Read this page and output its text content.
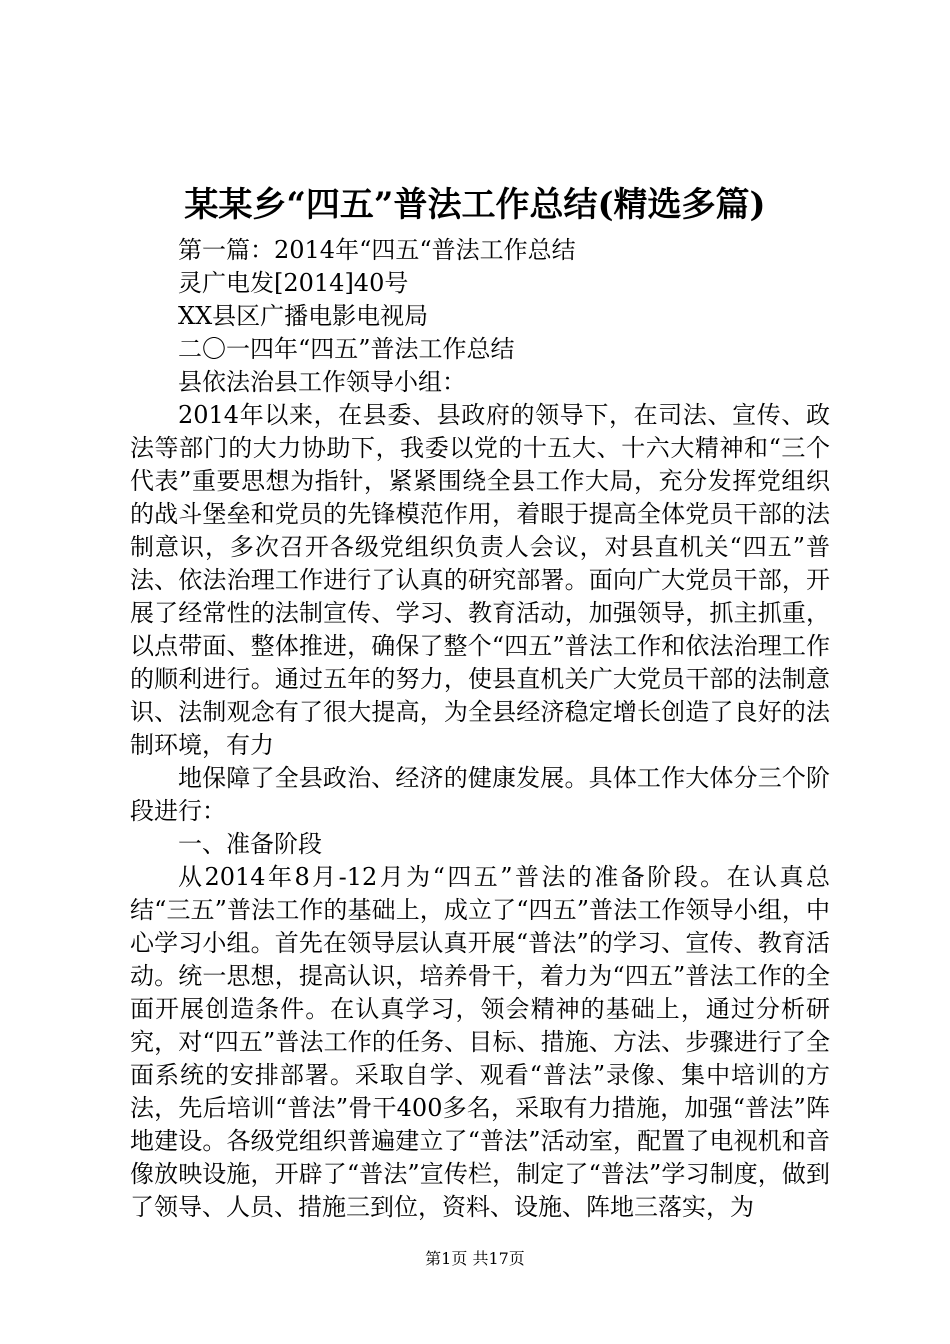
某某乡“四五”普法工作总结(精选多篇)

第一篇：2014年“四五“普法工作总结

灵广电发[2014]40号

XX县区广播电影电视局

二〇一四年“四五”普法工作总结

县依法治县工作领导小组：

2014年以来，在县委、县政府的领导下，在司法、宣传、政法等部门的大力协助下，我委以党的十五大、十六大精神和“三个代表”重要思想为指针，紧紧围绕全县工作大局，充分发挥党组织的战斗堡垒和党员的先锋模范作用，着眼于提高全体党员干部的法制意识，多次召开各级党组织负责人会议，对县直机关“四五”普法、依法治理工作进行了认真的研究部署。面向广大党员干部，开展了经常性的法制宣传、学习、教育活动，加强领导，抓主抓重，以点带面、整体推进，确保了整个“四五”普法工作和依法治理工作的顺利进行。通过五年的努力，使县直机关广大党员干部的法制意识、法制观念有了很大提高，为全县经济稳定增长创造了良好的法制环境，有力

地保障了全县政治、经济的健康发展。具体工作大体分三个阶段进行：

一、准备阶段

从2014年8月-12月为“四五”普法的准备阶段。在认真总结“三五”普法工作的基础上，成立了“四五”普法工作领导小组，中心学习小组。首先在领导层认真开展“普法”的学习、宣传、教育活动。统一思想，提高认识，培养骨干，着力为“四五”普法工作的全面开展创造条件。在认真学习，领会精神的基础上，通过分析研究，对“四五”普法工作的任务、目标、措施、方法、步骤进行了全面系统的安排部署。采取自学、观看“普法”录像、集中培训的方法，先后培训“普法”骨干400多名，采取有力措施，加强“普法”阵地建设。各级党组织普遍建立了“普法”活动室，配置了电视机和音像放映设施，开辟了“普法”宣传栏，制定了“普法”学习制度，做到了领导、人员、措施三到位，资料、设施、阵地三落实，为

第1页 共17页
